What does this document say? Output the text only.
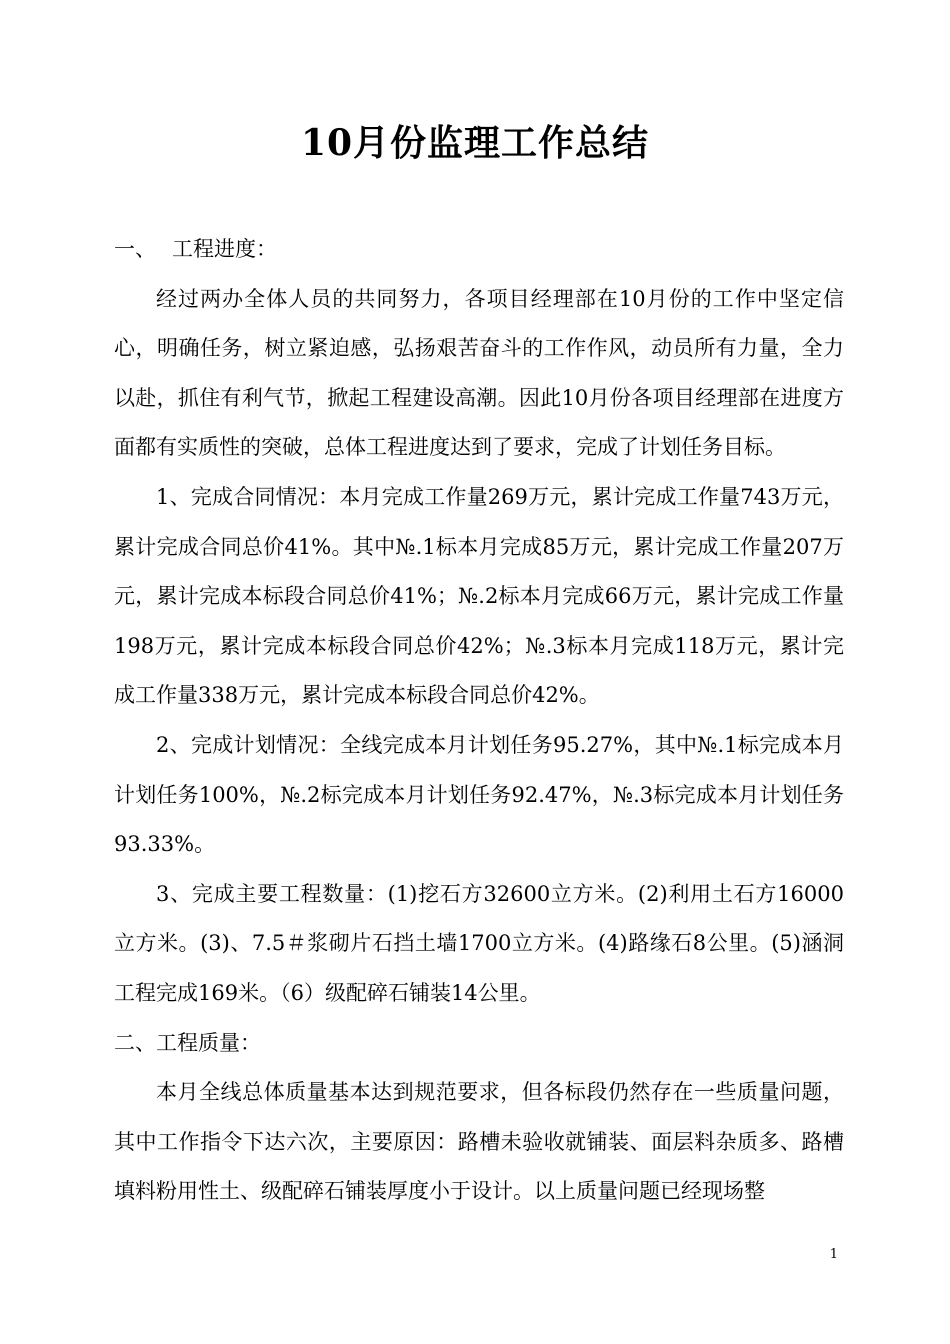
10月份监理工作总结

一、 工程进度：

经过两办全体人员的共同努力，各项目经理部在10月份的工作中坚定信心，明确任务，树立紧迫感，弘扬艰苦奋斗的工作作风，动员所有力量，全力以赴，抓住有利气节，掀起工程建设高潮。因此10月份各项目经理部在进度方面都有实质性的突破，总体工程进度达到了要求，完成了计划任务目标。

1、完成合同情况：本月完成工作量269万元，累计完成工作量743万元，累计完成合同总价41%。其中№.1标本月完成85万元，累计完成工作量207万元，累计完成本标段合同总价41%；№.2标本月完成66万元，累计完成工作量198万元，累计完成本标段合同总价42%；№.3标本月完成118万元，累计完成工作量338万元，累计完成本标段合同总价42%。

2、完成计划情况：全线完成本月计划任务95.27%，其中№.1标完成本月计划任务100%，№.2标完成本月计划任务92.47%，№.3标完成本月计划任务93.33%。

3、完成主要工程数量：(1)挖石方32600立方米。(2)利用土石方16000立方米。(3)、7.5＃浆砌片石挡土墙1700立方米。(4)路缘石8公里。(5)涵洞工程完成169米。（6）级配碎石铺装14公里。

二、工程质量：

本月全线总体质量基本达到规范要求，但各标段仍然存在一些质量问题，其中工作指令下达六次，主要原因：路槽未验收就铺装、面层料杂质多、路槽填料粉用性土、级配碎石铺装厚度小于设计。以上质量问题已经现场整

1
